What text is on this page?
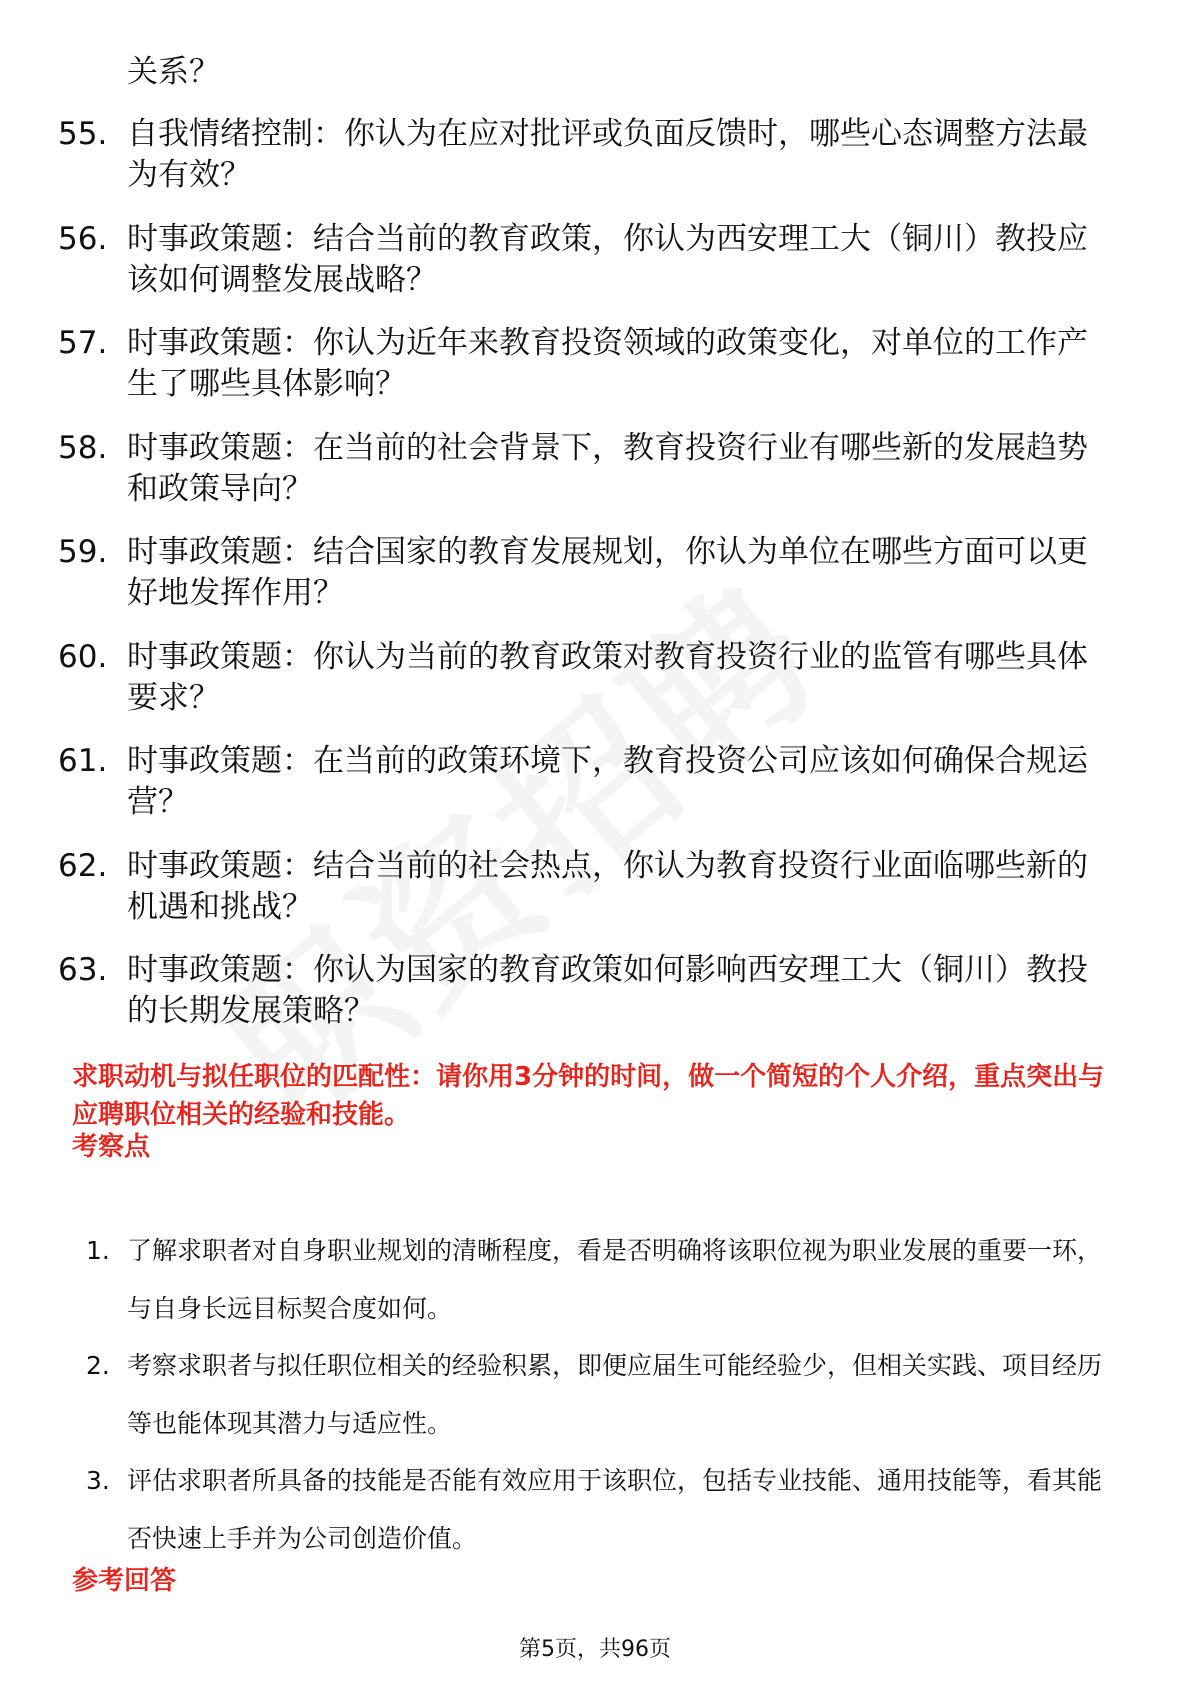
关系？
55. 自我情绪控制：你认为在应对批评或负面反馈时，哪些心态调整方法最为有效？
56. 时事政策题：结合当前的教育政策，你认为西安理工大（铜川）教投应该如何调整发展战略？
57. 时事政策题：你认为近年来教育投资领域的政策变化，对单位的工作产生了哪些具体影响？
58. 时事政策题：在当前的社会背景下，教育投资行业有哪些新的发展趋势和政策导向？
59. 时事政策题：结合国家的教育发展规划，你认为单位在哪些方面可以更好地发挥作用？
60. 时事政策题：你认为当前的教育政策对教育投资行业的监管有哪些具体要求？
61. 时事政策题：在当前的政策环境下，教育投资公司应该如何确保合规运营？
62. 时事政策题：结合当前的社会热点，你认为教育投资行业面临哪些新的机遇和挑战？
63. 时事政策题：你认为国家的教育政策如何影响西安理工大（铜川）教投的长期发展策略？
求职动机与拟任职位的匹配性：请你用3分钟的时间，做一个简短的个人介绍，重点突出与应聘职位相关的经验和技能。
考察点
1. 了解求职者对自身职业规划的清晰程度，看是否明确将该职位视为职业发展的重要一环，与自身长远目标契合度如何。
2. 考察求职者与拟任职位相关的经验积累，即便应届生可能经验少，但相关实践、项目经历等也能体现其潜力与适应性。
3. 评估求职者所具备的技能是否能有效应用于该职位，包括专业技能、通用技能等，看其能否快速上手并为公司创造价值。
参考回答
第5页，共96页
